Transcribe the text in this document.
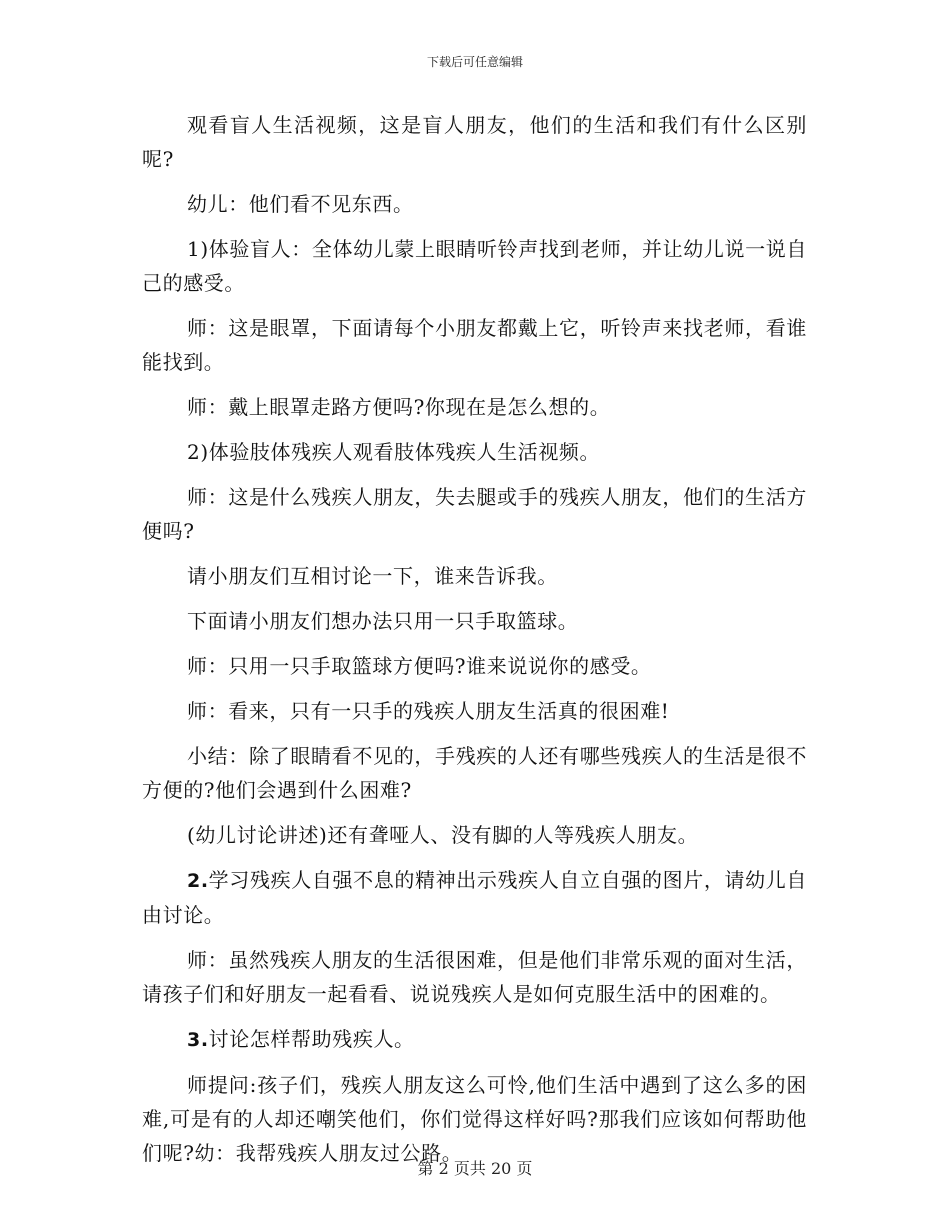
下载后可任意编辑

观看盲人生活视频，这是盲人朋友，他们的生活和我们有什么区别呢?

幼儿：他们看不见东西。

1)体验盲人：全体幼儿蒙上眼睛听铃声找到老师，并让幼儿说一说自己的感受。

师：这是眼罩，下面请每个小朋友都戴上它，听铃声来找老师，看谁能找到。

师：戴上眼罩走路方便吗?你现在是怎么想的。

2)体验肢体残疾人观看肢体残疾人生活视频。

师：这是什么残疾人朋友，失去腿或手的残疾人朋友，他们的生活方便吗?

请小朋友们互相讨论一下，谁来告诉我。

下面请小朋友们想办法只用一只手取篮球。

师：只用一只手取篮球方便吗?谁来说说你的感受。

师：看来，只有一只手的残疾人朋友生活真的很困难!

小结：除了眼睛看不见的，手残疾的人还有哪些残疾人的生活是很不方便的?他们会遇到什么困难?

(幼儿讨论讲述)还有聋哑人、没有脚的人等残疾人朋友。

2.学习残疾人自强不息的精神出示残疾人自立自强的图片，请幼儿自由讨论。

师：虽然残疾人朋友的生活很困难，但是他们非常乐观的面对生活，请孩子们和好朋友一起看看、说说残疾人是如何克服生活中的困难的。

3.讨论怎样帮助残疾人。

师提问:孩子们，残疾人朋友这么可怜,他们生活中遇到了这么多的困难,可是有的人却还嘲笑他们，你们觉得这样好吗?那我们应该如何帮助他们呢?幼：我帮残疾人朋友过公路。

第 2 页共 20 页
